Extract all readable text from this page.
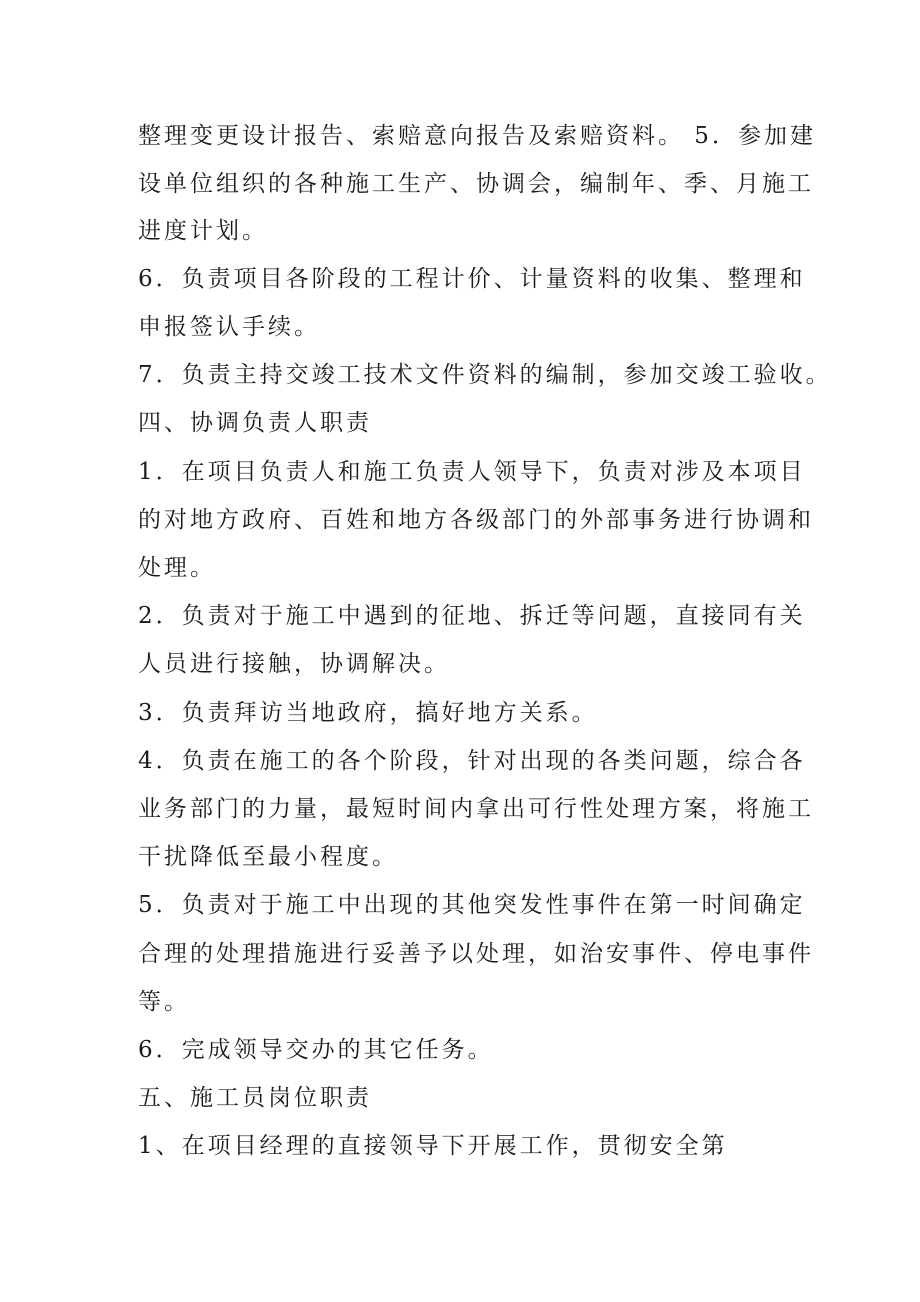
整理变更设计报告、索赔意向报告及索赔资料。 5．参加建
设单位组织的各种施工生产、协调会，编制年、季、月施工
进度计划。
6．负责项目各阶段的工程计价、计量资料的收集、整理和
申报签认手续。
7．负责主持交竣工技术文件资料的编制，参加交竣工验收。
四、协调负责人职责
1．在项目负责人和施工负责人领导下，负责对涉及本项目
的对地方政府、百姓和地方各级部门的外部事务进行协调和
处理。
2．负责对于施工中遇到的征地、拆迁等问题，直接同有关
人员进行接触，协调解决。
3．负责拜访当地政府，搞好地方关系。
4．负责在施工的各个阶段，针对出现的各类问题，综合各
业务部门的力量，最短时间内拿出可行性处理方案，将施工
干扰降低至最小程度。
5．负责对于施工中出现的其他突发性事件在第一时间确定
合理的处理措施进行妥善予以处理，如治安事件、停电事件
等。
6．完成领导交办的其它任务。
五、施工员岗位职责
1、在项目经理的直接领导下开展工作，贯彻安全第
